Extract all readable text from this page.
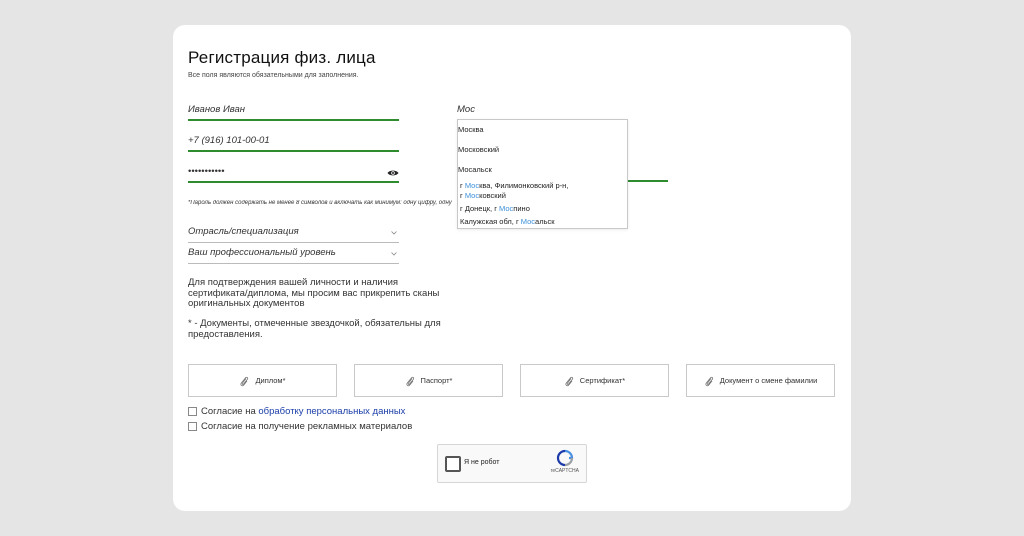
Регистрация физ. лица
Все поля являются обязательными для заполнения.
Иванов Иван
+7 (916) 101-00-01
•••••••••••
Мос
*Пароль должен содержать не менее 8 символов и включать как минимум: одну цифру, одну
Отрасль/специализация
Ваш профессиональный уровень
Для подтверждения вашей личности и наличия сертификата/диплома, мы просим вас прикрепить сканы оригинальных документов
* - Документы, отмеченные звездочкой, обязательны для предоставления.
Диплом*	Паспорт*	Сертификат*	Документ о смене фамилии
Согласие на обработку персональных данных
Согласие на получение рекламных материалов
Я не робот
reCAPTCHA
Москва
Московский
Мосальск
г Москва, Филимонковский р-н,
г Московский
г Донецк, г Моспино
Калужская обл, г Мосальск
